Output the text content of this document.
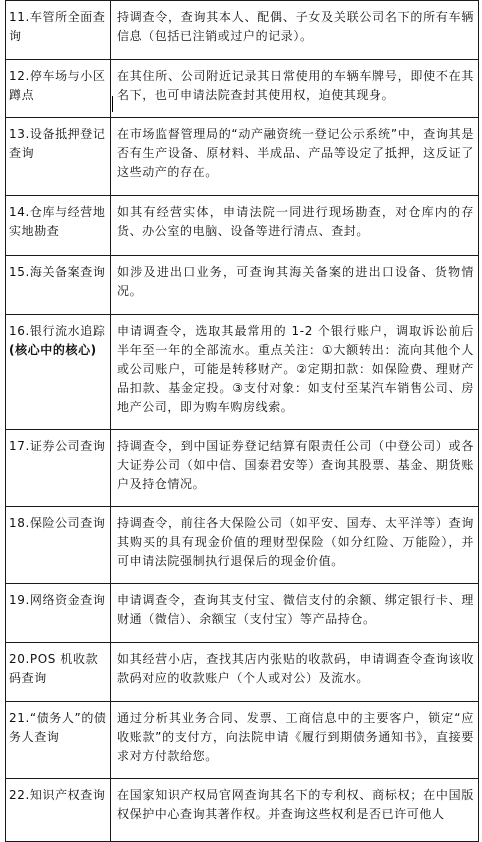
11.车管所全面查询	持调查令，查询其本人、配偶、子女及关联公司名下的所有车辆信息（包括已注销或过户的记录）。
12.停车场与小区蹲点	在其住所、公司附近记录其日常使用的车辆车牌号，即使不在其名下，也可申请法院查封其使用权，迫使其现身。
13.设备抵押登记查询	在市场监督管理局的“动产融资统一登记公示系统”中，查询其是否有生产设备、原材料、半成品、产品等设定了抵押，这反证了这些动产的存在。
14.仓库与经营地实地勘查	如其有经营实体，申请法院一同进行现场勘查，对仓库内的存货、办公室的电脑、设备等进行清点、查封。
15.海关备案查询	如涉及进出口业务，可查询其海关备案的进出口设备、货物情况。
16.银行流水追踪(核心中的核心)	申请调查令，选取其最常用的 1-2 个银行账户，调取诉讼前后半年至一年的全部流水。重点关注：①大额转出：流向其他个人或公司账户，可能是转移财产。②定期扣款：如保险费、理财产品扣款、基金定投。③支付对象：如支付至某汽车销售公司、房地产公司，即为购车购房线索。
17.证券公司查询	持调查令，到中国证券登记结算有限责任公司（中登公司）或各大证券公司（如中信、国泰君安等）查询其股票、基金、期货账户及持仓情况。
18.保险公司查询	持调查令，前往各大保险公司（如平安、国寿、太平洋等）查询其购买的具有现金价值的理财型保险（如分红险、万能险），并可申请法院强制执行退保后的现金价值。
19.网络资金查询	申请调查令，查询其支付宝、微信支付的余额、绑定银行卡、理财通（微信）、余额宝（支付宝）等产品持仓。
20.POS 机收款码查询	如其经营小店，查找其店内张贴的收款码，申请调查令查询该收款码对应的收款账户（个人或对公）及流水。
21.“债务人”的债务人查询	通过分析其业务合同、发票、工商信息中的主要客户，锁定“应收账款”的支付方，向法院申请《履行到期债务通知书》，直接要求对方付款给您。
22.知识产权查询	在国家知识产权局官网查询其名下的专利权、商标权；在中国版权保护中心查询其著作权。并查询这些权利是否已许可他人
